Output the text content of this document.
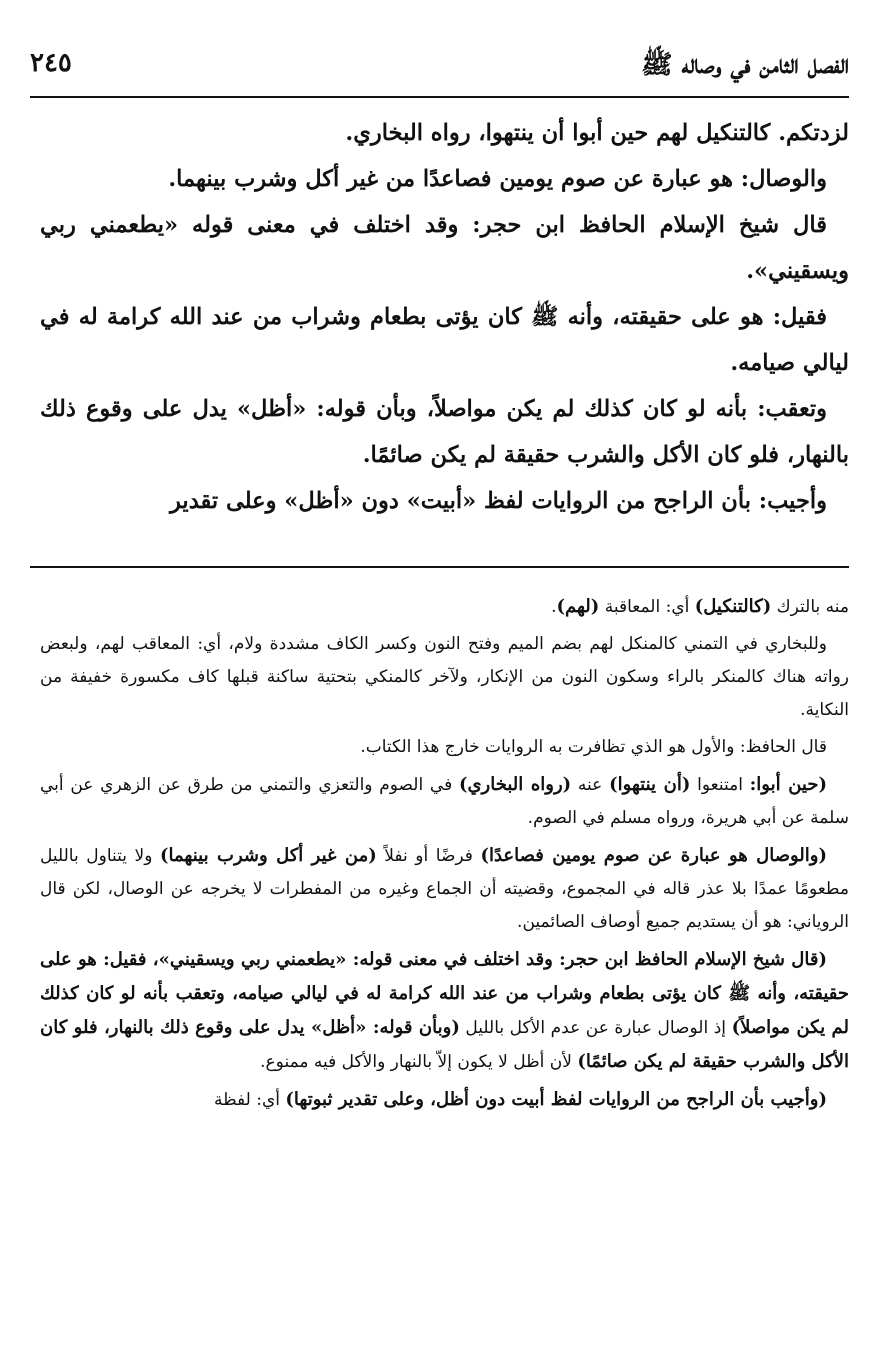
٢٤٥	الفصل الثامن في وصاله ﷺ

لزدتكم. كالتنكيل لهم حين أبوا أن ينتهوا، رواه البخاري.

والوصال: هو عبارة عن صوم يومين فصاعدًا من غير أكل وشرب بينهما.

قال شيخ الإسلام الحافظ ابن حجر: وقد اختلف في معنى قوله «يطعمني ربي ويسقيني».

فقيل: هو على حقيقته، وأنه ﷺ كان يؤتى بطعام وشراب من عند الله كرامة له في ليالي صيامه.

وتعقب: بأنه لو كان كذلك لم يكن مواصلاً، وبأن قوله: «أظل» يدل على وقوع ذلك بالنهار، فلو كان الأكل والشرب حقيقة لم يكن صائمًا.

وأجيب: بأن الراجح من الروايات لفظ «أبيت» دون «أظل» وعلى تقدير

منه بالترك (كالتنكيل) أي: المعاقبة (لهم).

وللبخاري في التمني كالمنكل لهم بضم الميم وفتح النون وكسر الكاف مشددة ولام، أي: المعاقب لهم، ولبعض رواته هناك كالمنكر بالراء وسكون النون من الإنكار، ولآخر كالمنكي بتحتية ساكنة قبلها كاف مكسورة خفيفة من النكاية.

قال الحافظ: والأول هو الذي تظافرت به الروايات خارج هذا الكتاب.

(حين أبوا: امتنعوا (أن ينتهوا) عنه (رواه البخاري) في الصوم والتعزي والتمني من طرق عن الزهري عن أبي سلمة عن أبي هريرة، ورواه مسلم في الصوم.

(والوصال هو عبارة عن صوم يومين فصاعدًا) فرضًا أو نفلاً (من غير أكل وشرب بينهما) ولا يتناول بالليل مطعومًا عمدًا بلا عذر قاله في المجموع، وقضيته أن الجماع وغيره من المفطرات لا يخرجه عن الوصال، لكن قال الروياني: هو أن يستديم جميع أوصاف الصائمين.

(قال شيخ الإسلام الحافظ ابن حجر: وقد اختلف في معنى قوله: «يطعمني ربي ويسقيني»، فقيل: هو على حقيقته، وأنه ﷺ كان يؤتى بطعام وشراب من عند الله كرامة له في ليالي صيامه، وتعقب بأنه لو كان كذلك لم يكن مواصلاً) إذ الوصال عبارة عن عدم الأكل بالليل (وبأن قوله: «أظل» يدل على وقوع ذلك بالنهار، فلو كان الأكل والشرب حقيقة لم يكن صائمًا) لأن أظل لا يكون إلاّ بالنهار والأكل فيه ممنوع.

(وأجيب بأن الراجح من الروايات لفظ أبيت دون أظل، وعلى تقدير ثبوتها) أي: لفظة
